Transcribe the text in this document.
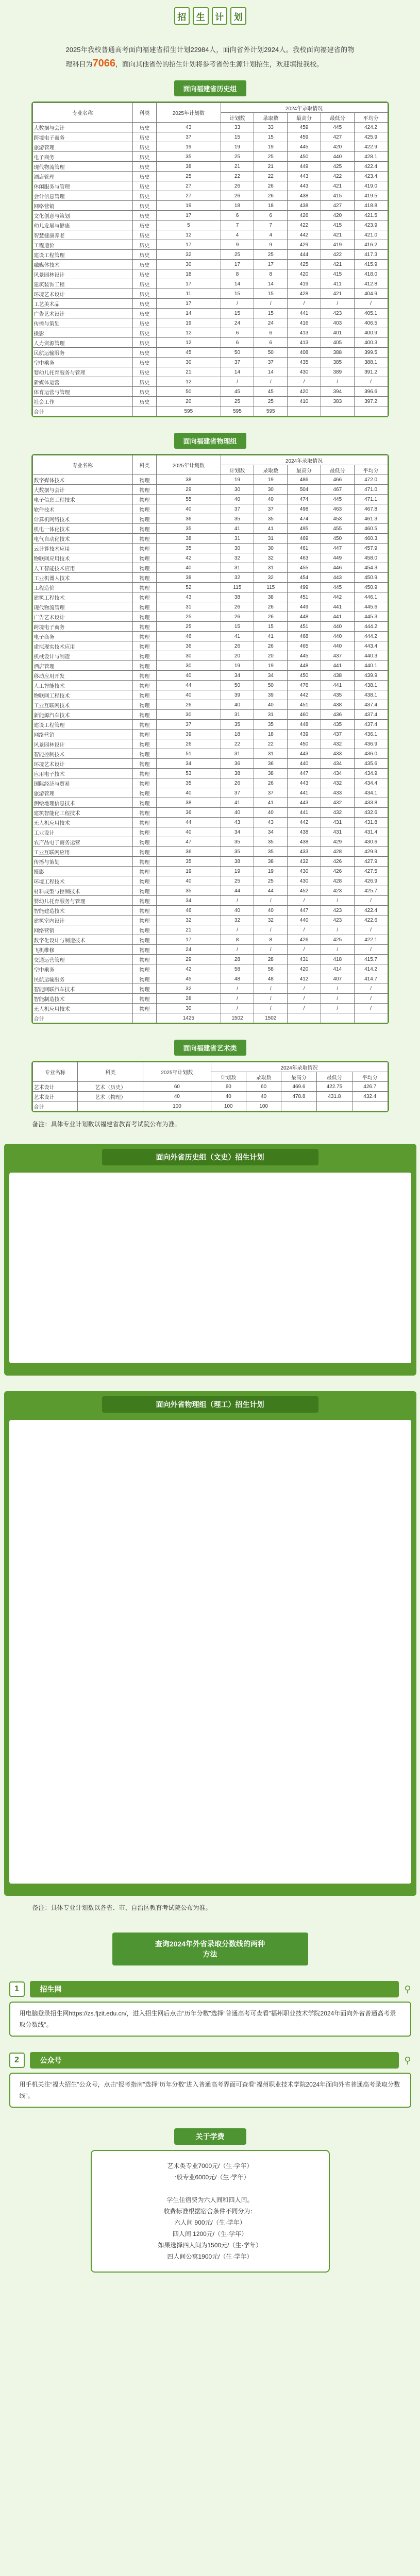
招	生	计	划
2025年我校普通高考面向福建省招生计划22984人，面向省外计划2924人。我校面向福建省的物理科目为7066，面向其他省份的招生计划将参考省份生源计划招生，欢迎填报我校。
面向福建省历史组
专业名称	科类	2025年计划数	2024年录取情况				
			计划数	录取数	最高分	最低分	平均分
大数据与会计	历史	43	33	33	459	445	424.2
跨境电子商务	历史	37	15	15	459	427	425.9
旅游管理	历史	19	19	19	445	420	422.9
电子商务	历史	35	25	25	450	440	428.1
现代物流管理	历史	38	21	21	449	425	422.4
酒店管理	历史	25	22	22	443	422	423.4
休闲服务与管理	历史	27	26	26	443	421	419.0
会计信息管理	历史	27	26	26	438	415	419.5
网络营销	历史	19	18	18	438	427	418.8
文化创意与策划	历史	17	6	6	426	420	421.5
幼儿发展与健康	历史	5	7	7	422	415	423.9
智慧健康养老	历史	12	4	4	442	421	421.0
工程造价	历史	17	9	9	429	419	416.2
建设工程管理	历史	32	25	25	444	422	417.3
融媒体技术	历史	30	17	17	425	421	415.9
风景园林设计	历史	18	8	8	420	415	418.0
建筑装饰工程	历史	17	14	14	419	411	412.8
环境艺术设计	历史	11	15	15	428	421	404.9
工艺美术品	历史	17	/	/	/	/	/
广告艺术设计	历史	14	15	15	441	423	405.1
传播与策划	历史	19	24	24	416	403	406.5
摄影	历史	12	6	6	413	401	400.9
人力资源管理	历史	12	6	6	413	405	400.3
民航运输服务	历史	45	50	50	408	388	399.5
空中乘务	历史	30	37	37	435	385	388.1
婴幼儿托育服务与管理	历史	21	14	14	430	389	391.2
新媒体运营	历史	12	/	/	/	/	/
体育运营与管理	历史	50	45	45	420	394	396.6
社会工作	历史	20	25	25	410	383	397.2
合计		595	595	595			
面向福建省物理组
专业名称	科类	2025年计划数	2024年录取情况				
			计划数	录取数	最高分	最低分	平均分
数字媒体技术	物理	38	19	19	486	466	472.0
大数据与会计	物理	29	30	30	504	467	471.0
电子信息工程技术	物理	55	40	40	474	445	471.1
软件技术	物理	40	37	37	498	463	467.8
计算机网络技术	物理	36	35	35	474	453	461.3
机电一体化技术	物理	35	41	41	495	455	460.5
电气自动化技术	物理	38	31	31	469	450	460.3
云计算技术应用	物理	35	30	30	461	447	457.9
物联网应用技术	物理	42	32	32	463	449	458.0
人工智能技术应用	物理	40	31	31	455	446	454.3
工业机器人技术	物理	38	32	32	454	443	450.9
工程造价	物理	52	115	115	499	445	450.9
建筑工程技术	物理	43	38	38	451	442	446.1
现代物流管理	物理	31	26	26	449	441	445.6
广告艺术设计	物理	25	26	26	448	441	445.3
跨境电子商务	物理	25	15	15	451	440	444.2
电子商务	物理	46	41	41	468	440	444.2
虚拟现实技术应用	物理	36	26	26	465	440	443.4
机械设计与制造	物理	30	20	20	445	437	440.3
酒店管理	物理	30	19	19	448	441	440.1
移动应用开发	物理	40	34	34	450	438	439.9
人工智能技术	物理	44	50	50	476	441	438.1
物联网工程技术	物理	40	39	39	442	435	438.1
工业互联网技术	物理	26	40	40	451	438	437.4
新能源汽车技术	物理	30	31	31	460	436	437.4
建设工程管理	物理	37	35	35	448	435	437.4
网络营销	物理	39	18	18	439	437	436.1
风景园林设计	物理	26	22	22	450	432	436.9
智能控制技术	物理	51	31	31	443	433	436.0
环境艺术设计	物理	34	36	36	440	434	435.6
应用电子技术	物理	53	38	38	447	434	434.9
国际经济与贸易	物理	35	26	26	443	432	434.4
旅游管理	物理	40	37	37	441	433	434.1
测绘地理信息技术	物理	38	41	41	443	432	433.8
建筑智能化工程技术	物理	36	40	40	441	432	432.6
无人机应用技术	物理	44	43	43	442	431	431.8
工业设计	物理	40	34	34	438	431	431.4
农产品电子商务运营	物理	47	35	35	438	429	430.6
工业互联网应用	物理	36	35	35	433	428	429.9
传播与策划	物理	35	38	38	432	426	427.9
摄影	物理	19	19	19	430	426	427.5
环境工程技术	物理	40	25	25	430	428	426.9
材料成型与控制技术	物理	35	44	44	452	423	425.7
婴幼儿托育服务与管理	物理	34	/	/	/	/	/
智能建造技术	物理	46	40	40	447	423	422.4
建筑室内设计	物理	32	32	32	440	423	422.6
网络营销	物理	21	/	/	/	/	/
数字化设计与制造技术	物理	17	8	8	426	425	422.1
飞机维修	物理	24	/	/	/	/	/
交通运营管理	物理	29	28	28	431	418	415.7
空中乘务	物理	42	58	58	420	414	414.2
民航运输服务	物理	45	48	48	412	407	414.7
智能网联汽车技术	物理	32	/	/	/	/	/
智能制造技术	物理	28	/	/	/	/	/
无人机应用技术	物理	30	/	/	/	/	/
合计		1425	1502	1502			
面向福建省艺术类
专业名称	科类	2025年计划数	2024年录取情况				
			计划数	录取数	最高分	最低分	平均分
艺术设计	艺术（历史）	60	60	60	469.6	422.75	426.7
艺术设计	艺术（物理）	40	40	40	478.8	431.8	432.4
合计		100	100	100			
备注：具体专业计划数以福建省教育考试院公布为准。
面向外省历史组（文史）招生计划
面向外省物理组（理工）招生计划
备注：具体专业计划数以各省、市、自治区教育考试院公布为准。
查询2024年外省录取分数线的两种
方法
1	招生网	⚲
用电脑登录招生网https://zs.fjzit.edu.cn/，进入招生网后点击“历年分数”选择“普通高考可查看”福州职业技术学院2024年面向外省普通高考录取分数线”。
2	公众号	⚲
用手机关注“福大招生”公众号，点击“报考指南”选择“历年分数”进入普通高考界面可查看“福州职业技术学院2024年面向外省普通高考录取分数线”。
关于学费
艺术类专业7000元/（生·学年）
一般专业6000元/（生·学年）

学生住宿费为六人间和四人间。
收费标准根据宿舍条件不同分为：
六人间 900元/（生·学年）
四人间 1200元/（生·学年）
如果选择四人间为1500元/（生·学年）
四人间公寓1900元/（生·学年）
